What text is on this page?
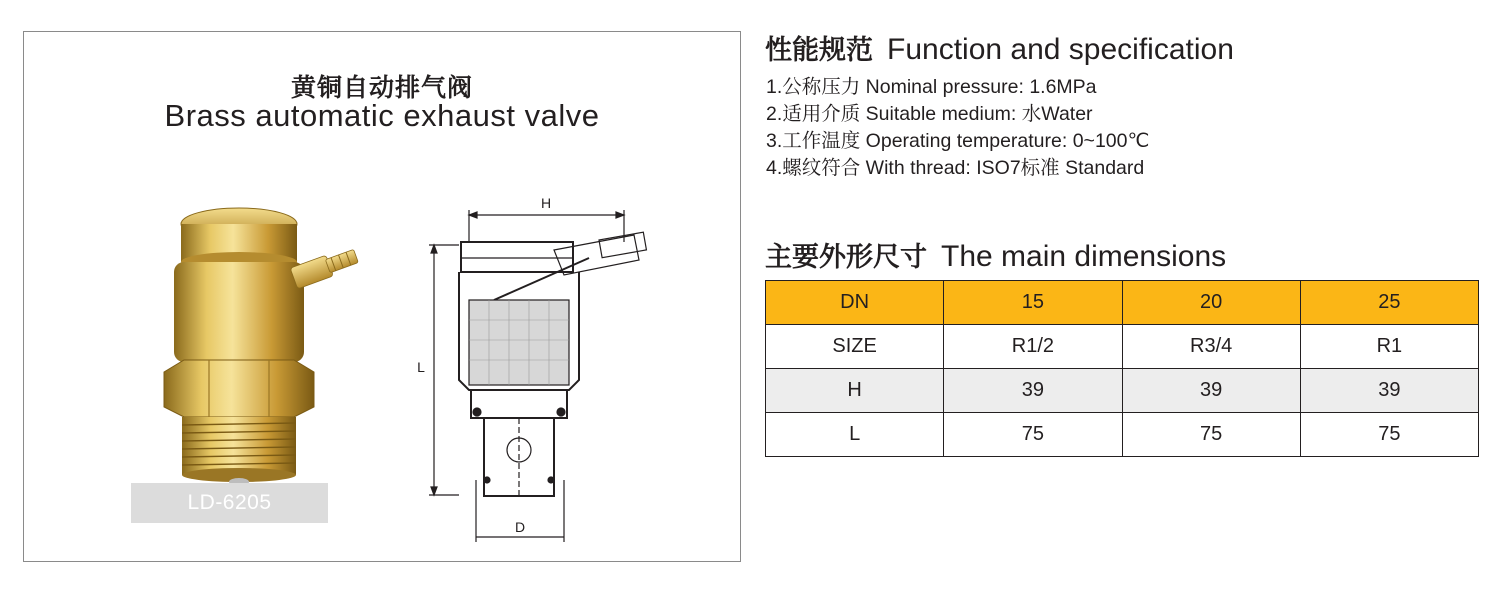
黄铜自动排气阀
Brass automatic exhaust valve
LD-6205
H
L
D
性能规范 Function and specification
1.公称压力 Nominal pressure: 1.6MPa
2.适用介质 Suitable medium: 水Water
3.工作温度 Operating temperature: 0~100℃
4.螺纹符合 With thread: ISO7标准 Standard
主要外形尺寸 The main dimensions
DN	15	20	25
SIZE	R1/2	R3/4	R1
H	39	39	39
L	75	75	75
